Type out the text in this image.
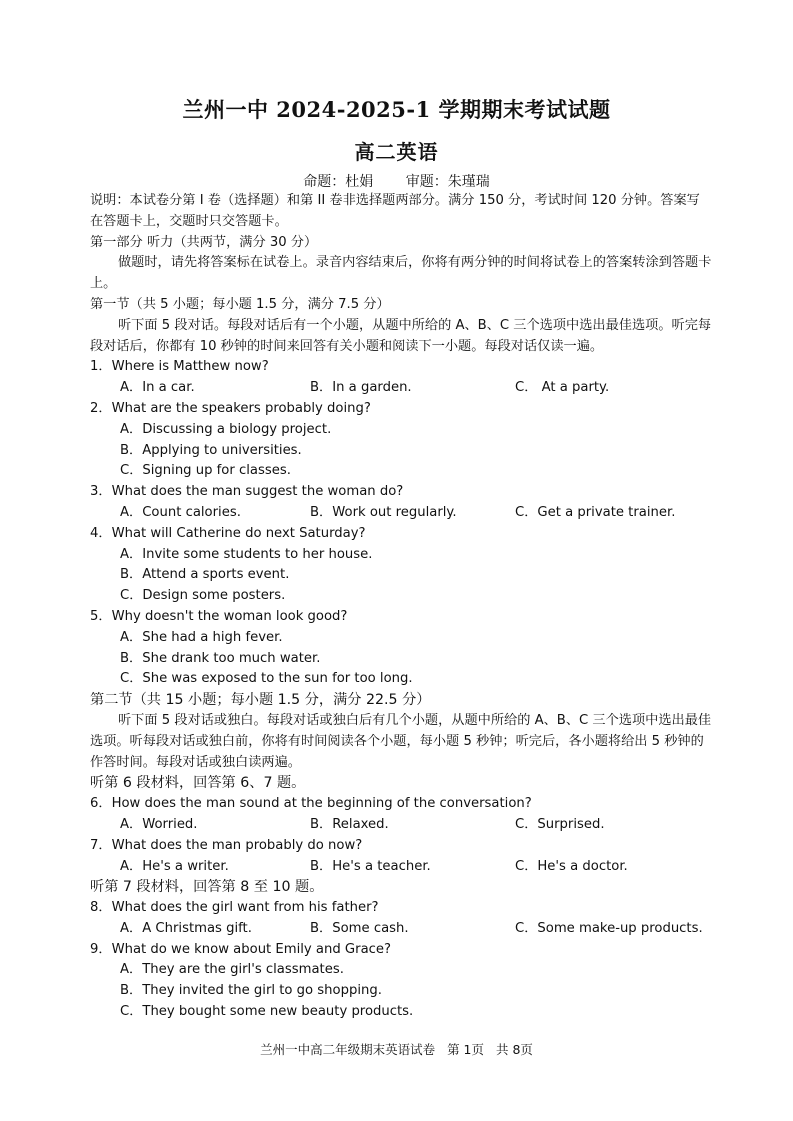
兰州一中 2024-2025-1 学期期末考试试题
高二英语
命题：杜娟 审题：朱瑾瑞

说明：本试卷分第 I 卷（选择题）和第 II 卷非选择题两部分。满分 150 分，考试时间 120 分钟。答案写在答题卡上，交题时只交答题卡。

第一部分 听力（共两节，满分 30 分）

做题时，请先将答案标在试卷上。录音内容结束后，你将有两分钟的时间将试卷上的答案转涂到答题卡上。

第一节（共 5 小题；每小题 1.5 分，满分 7.5 分）

听下面 5 段对话。每段对话后有一个小题，从题中所给的 A、B、C 三个选项中选出最佳选项。听完每段对话后，你都有 10 秒钟的时间来回答有关小题和阅读下一小题。每段对话仅读一遍。

1．Where is Matthew now?

A．In a car.	B．In a garden.	C． At a party.

2．What are the speakers probably doing?

A．Discussing a biology project.
B．Applying to universities.
C．Signing up for classes.

3．What does the man suggest the woman do?

A．Count calories.	B．Work out regularly.	C．Get a private trainer.

4．What will Catherine do next Saturday?

A．Invite some students to her house.
B．Attend a sports event.
C．Design some posters.

5．Why doesn't the woman look good?

A．She had a high fever.
B．She drank too much water.
C．She was exposed to the sun for too long.

第二节（共 15 小题；每小题 1.5 分，满分 22.5 分）

听下面 5 段对话或独白。每段对话或独白后有几个小题，从题中所给的 A、B、C 三个选项中选出最佳选项。听每段对话或独白前，你将有时间阅读各个小题，每小题 5 秒钟；听完后，各小题将给出 5 秒钟的作答时间。每段对话或独白读两遍。

听第 6 段材料，回答第 6、7 题。

6．How does the man sound at the beginning of the conversation?

A．Worried.	B．Relaxed.	C．Surprised.

7．What does the man probably do now?

A．He's a writer.	B．He's a teacher.	C．He's a doctor.

听第 7 段材料，回答第 8 至 10 题。

8．What does the girl want from his father?

A．A Christmas gift.	B．Some cash.	C．Some make-up products.

9．What do we know about Emily and Grace?

A．They are the girl's classmates.
B．They invited the girl to go shopping.
C．They bought some new beauty products.
兰州一中高二年级期末英语试卷 第 1页 共 8页
